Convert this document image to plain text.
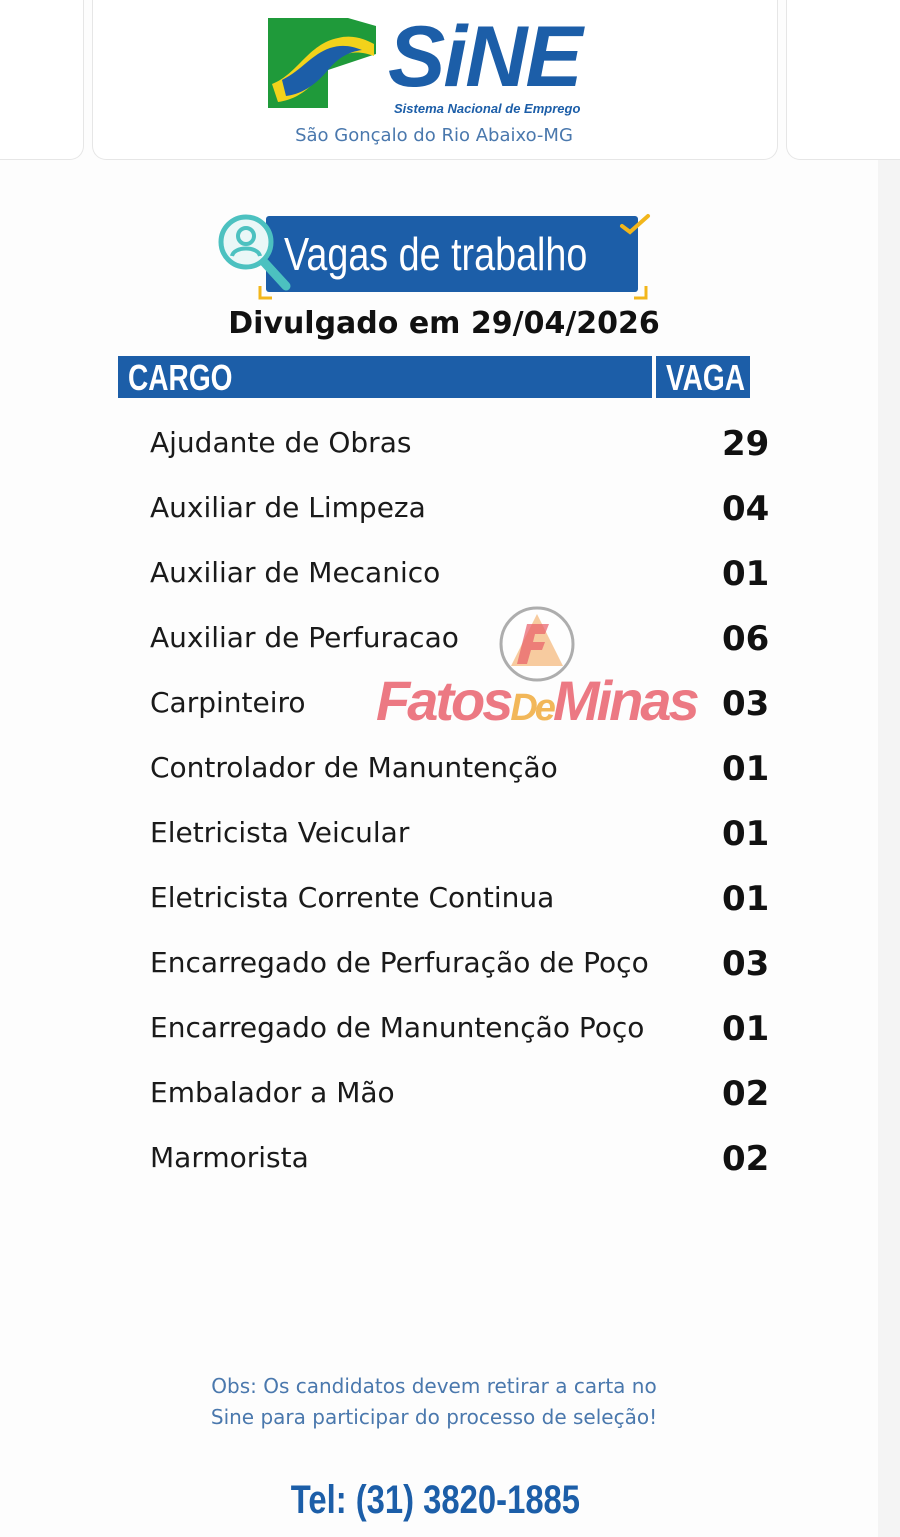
SiNE
Sistema Nacional de Emprego
São Gonçalo do Rio Abaixo-MG
Vagas de trabalho
Divulgado em 29/04/2026
CARGO	VAGA
Ajudante de Obras	29
Auxiliar de Limpeza	04
Auxiliar de Mecanico	01
Auxiliar de Perfuracao	06
Carpinteiro	03
Controlador de Manuntenção	01
Eletricista Veicular	01
Eletricista Corrente Continua	01
Encarregado de Perfuração de Poço 03
Encarregado de Manuntenção Poço 01
Embalador a Mão	02
Marmorista	02
FatosDeMinas
Obs: Os candidatos devem retirar a carta no
Sine para participar do processo de seleção!
Tel: (31) 3820-1885
